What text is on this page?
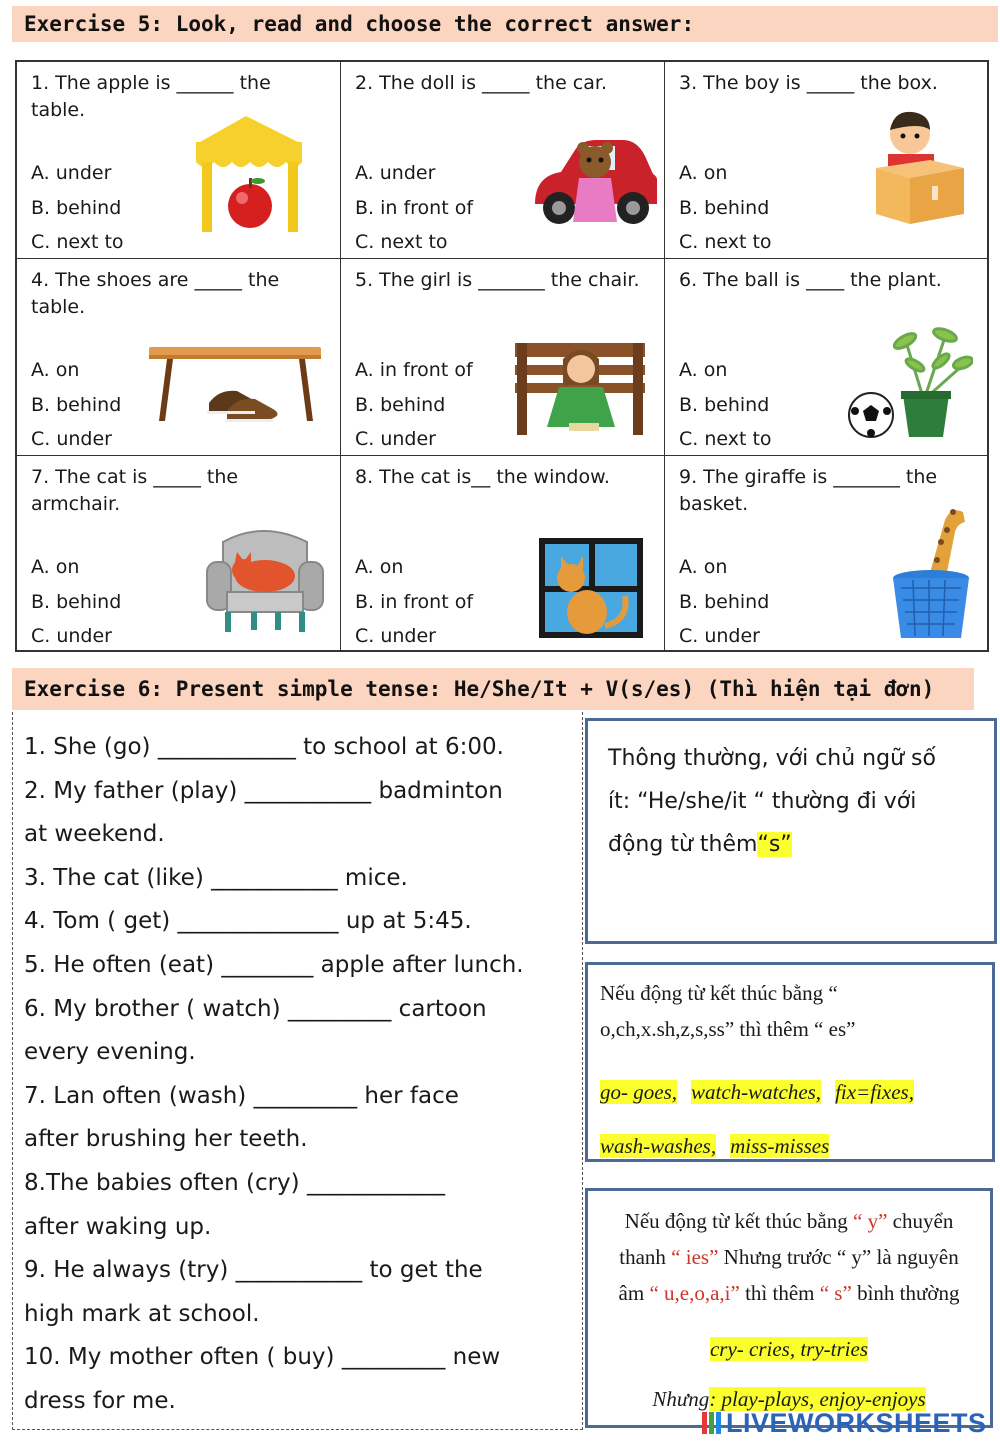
Exercise 5: Look, read and choose the correct answer:
1. The apple is ______ the table.
A. under
B. behind
C. next to
2. The doll is _____ the car.
A. under
B. in front of
C. next to
3. The boy is _____ the box.
A. on
B. behind
C. next to
4. The shoes are _____ the table.
A. on
B. behind
C. under
5. The girl is _______ the chair.
A. in front of
B. behind
C. under
6. The ball is ____ the plant.
A. on
B. behind
C. next to
7. The cat is _____ the armchair.
A. on
B. behind
C. under
8. The cat is__ the window.
A. on
B. in front of
C. under
9. The giraffe is _______ the basket.
A. on
B. behind
C. under
Exercise 6: Present simple tense: He/She/It + V(s/es) (Thì hiện tại đơn)
1. She (go) ____________ to school at 6:00.
2. My father (play) ___________ badminton
at weekend.
3. The cat (like) ___________ mice.
4. Tom ( get) ______________ up at 5:45.
5. He often (eat) ________ apple after lunch.
6. My brother ( watch) _________ cartoon
every evening.
7. Lan often (wash) _________ her face
after brushing her teeth.
8.The babies often (cry) ____________
after waking up.
9. He always (try) ___________ to get the
high mark at school.
10. My mother often ( buy) _________ new
dress for me.
Thông thường, với chủ ngữ số
ít: “He/she/it “ thường đi với
động từ thêm“s”
Nếu động từ kết thúc bằng “
o,ch,x.sh,z,s,ss” thì thêm “ es”
go- goes, watch-watches, fix=fixes,
wash-washes, miss-misses
Nếu động từ kết thúc bằng “ y” chuyển
thanh “ ies” Nhưng trước “ y” là nguyên
âm “ u,e,o,a,i” thì thêm “ s” bình thường
cry- cries, try-tries
Nhưng: play-plays, enjoy-enjoys
LIVEWORKSHEETS
